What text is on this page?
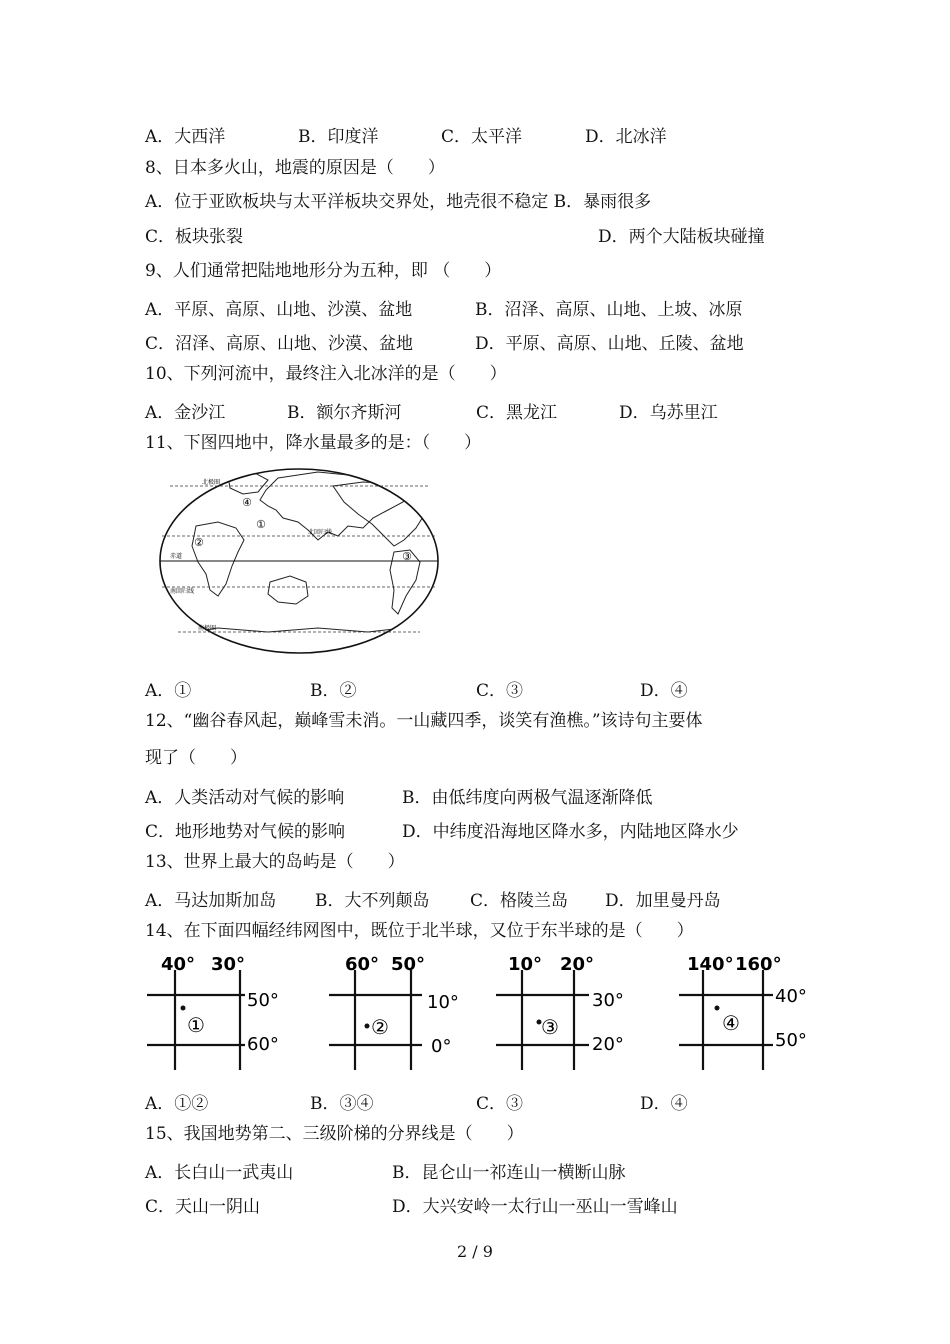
A．大西洋	B．印度洋	C．太平洋	D．北冰洋
8、日本多火山，地震的原因是（　　）
A．位于亚欧板块与太平洋板块交界处，地壳很不稳定 B．暴雨很多
C．板块张裂	D．两个大陆板块碰撞
9、人们通常把陆地地形分为五种，即 （　　）
A．平原、高原、山地、沙漠、盆地	B．沼泽、高原、山地、上坡、冰原
C．沼泽、高原、山地、沙漠、盆地	D．平原、高原、山地、丘陵、盆地
10、下列河流中，最终注入北冰洋的是（　　）
A．金沙江	B．额尔齐斯河	C．黑龙江	D．乌苏里江
11、下图四地中，降水量最多的是：（　　）
北极圈
北回归线
赤道
南回归线
南极圈
①
②
③
④
A．①	B．②	C．③	D．④
12、“幽谷春风起，巅峰雪未消。一山藏四季，谈笑有渔樵。”该诗句主要体
现了（　　）
A．人类活动对气候的影响	B．由低纬度向两极气温逐渐降低
C．地形地势对气候的影响	D．中纬度沿海地区降水多，内陆地区降水少
13、世界上最大的岛屿是（　　）
A．马达加斯加岛 B．大不列颠岛 C．格陵兰岛 D．加里曼丹岛
14、在下面四幅经纬网图中，既位于北半球，又位于东半球的是（　　）
40° 30°
50°
60°
①
60° 50°
10°
0°
②
10° 20°
30°
20°
③
140° 160°
40°
50°
④
A．①②	B．③④	C．③	D．④
15、我国地势第二、三级阶梯的分界线是（　　）
A．长白山一武夷山	B．昆仑山一祁连山一横断山脉
C．天山一阴山	D．大兴安岭一太行山一巫山一雪峰山
2 / 9
